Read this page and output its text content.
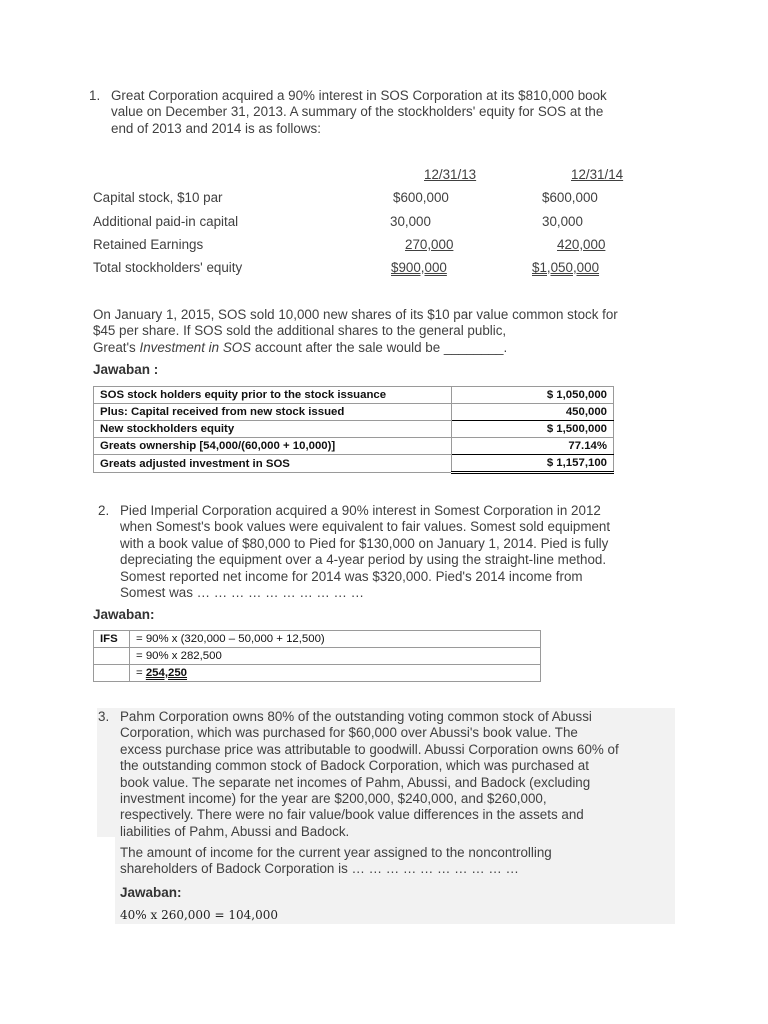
1. Great Corporation acquired a 90% interest in SOS Corporation at its $810,000 book
value on December 31, 2013. A summary of the stockholders' equity for SOS at the
end of 2013 and 2014 is as follows:
12/31/13	12/31/14
Capital stock, $10 par	$600,000	$600,000
Additional paid-in capital	30,000	30,000
Retained Earnings	270,000	420,000
Total stockholders' equity	$900,000	$1,050,000
On January 1, 2015, SOS sold 10,000 new shares of its $10 par value common stock for
$45 per share. If SOS sold the additional shares to the general public,
Great's Investment in SOS account after the sale would be ________.
Jawaban :
SOS stock holders equity prior to the stock issuance	$ 1,050,000
Plus: Capital received from new stock issued	450,000
New stockholders equity	$ 1,500,000
Greats ownership [54,000/(60,000 + 10,000)]	77.14%
Greats adjusted investment in SOS	$ 1,157,100
2. Pied Imperial Corporation acquired a 90% interest in Somest Corporation in 2012
when Somest's book values were equivalent to fair values. Somest sold equipment
with a book value of $80,000 to Pied for $130,000 on January 1, 2014. Pied is fully
depreciating the equipment over a 4-year period by using the straight-line method.
Somest reported net income for 2014 was $320,000. Pied's 2014 income from
Somest was … … … … … … … … … …
Jawaban:
IFS	= 90% x (320,000 – 50,000 + 12,500)
	= 90% x 282,500
	= 254,250
3. Pahm Corporation owns 80% of the outstanding voting common stock of Abussi
Corporation, which was purchased for $60,000 over Abussi's book value. The
excess purchase price was attributable to goodwill. Abussi Corporation owns 60% of
the outstanding common stock of Badock Corporation, which was purchased at
book value. The separate net incomes of Pahm, Abussi, and Badock (excluding
investment income) for the year are $200,000, $240,000, and $260,000,
respectively. There were no fair value/book value differences in the assets and
liabilities of Pahm, Abussi and Badock.
The amount of income for the current year assigned to the noncontrolling
shareholders of Badock Corporation is … … … … … … … … … …
Jawaban:
40% x 260,000 = 104,000
